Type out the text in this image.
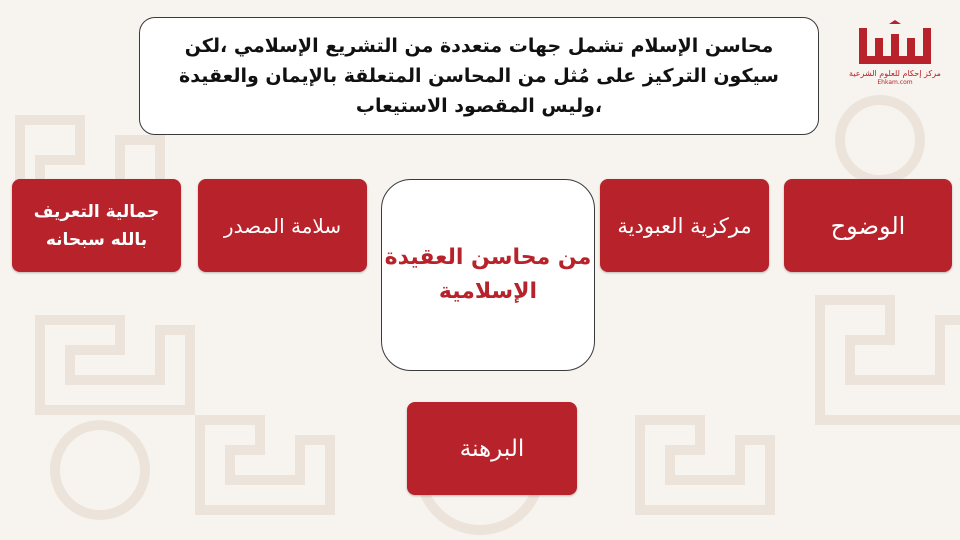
محاسن الإسلام تشمل جهات متعددة من التشريع الإسلامي ،لكن سيكون التركيز على مُثل من المحاسن المتعلقة بالإيمان والعقيدة ،وليس المقصود الاستيعاب

مركز إحكام للعلوم الشرعية
Ehkam.com
جمالية التعريف بالله سبحانه
سلامة المصدر

من محاسن العقيدة الإسلامية

مركزية العبودية	الوضوح
البرهنة
